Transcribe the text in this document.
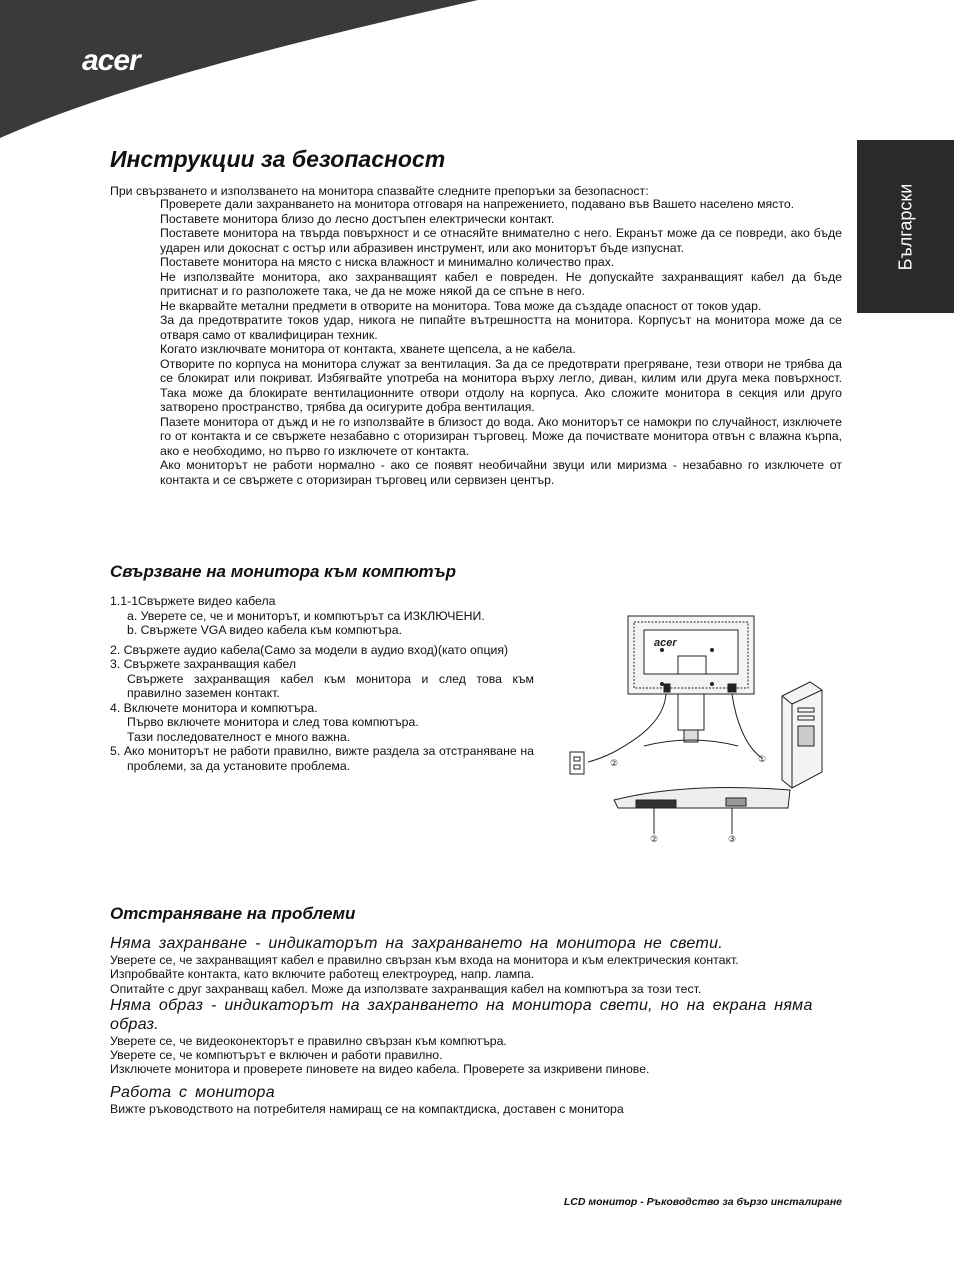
acer
Български
Инструкции за безопасност

При свързването и използването на монитора спазвайте следните препоръки за безопасност:

Проверете дали захранването на монитора отговаря на напрежението, подавано във Вашето населено място.
Поставете монитора близо до лесно достъпен електрически контакт.
Поставете монитора на твърда повърхност и се отнасяйте внимателно с него. Екранът може да се повреди, ако бъде ударен или докоснат с остър или абразивен инструмент, или ако мониторът бъде изпуснат.
Поставете монитора на място с ниска влажност и минимално количество прах.
Не използвайте монитора, ако захранващият кабел е повреден. Не допускайте захранващият кабел да бъде притиснат и го разположете така, че да не може някой да се спъне в него.
Не вкарвайте метални предмети в отворите на монитора. Това може да създаде опасност от токов удар.
За да предотвратите токов удар, никога не пипайте вътрешността на монитора. Корпусът на монитора може да се отваря само от квалифициран техник.
Когато изключвате монитора от контакта, хванете щепсела, а не кабела.
Отворите по корпуса на монитора служат за вентилация. За да се предотврати прегряване, тези отвори не трябва да се блокират или покриват. Избягвайте употреба на монитора върху легло, диван, килим или друга мека повърхност. Така може да блокирате вентилационните отвори отдолу на корпуса. Ако сложите монитора в секция или друго затворено пространство, трябва да осигурите добра вентилация.
Пазете монитора от дъжд и не го използвайте в близост до вода. Ако мониторът се намокри по случайност, изключете го от контакта и се свържете незабавно с оторизиран търговец. Може да почиствате монитора отвън с влажна кърпа, ако е необходимо, но първо го изключете от контакта.
Ако мониторът не работи нормално - ако се появят необичайни звуци или миризма - незабавно го изключете от контакта и се свържете с оторизиран търговец или сервизен център.
Свързване на монитора към компютър

1.1-1Свържете видео кабела

a. Уверете се, че и мониторът, и компютърът са ИЗКЛЮЧЕНИ.

b. Свържете VGA видео кабела към компютъра.

2. Свържете аудио кабела(Само за модели в аудио вход)(като опция)

3. Свържете захранващия кабел

Свържете захранващия кабел към монитора и след това към правилно заземен контакт.

4. Включете монитора и компютъра.

Първо включете монитора и след това компютъра.

Тази последователност е много важна.

5. Ако мониторът не работи правилно, вижте раздела за отстраняване на проблеми, за да установите проблема.

acer
①
②
②	③
Отстраняване на проблеми

Няма захранване - индикаторът на захранването на монитора не свети.

Уверете се, че захранващият кабел е правилно свързан към входа на монитора и към електрическия контакт.

Изпробвайте контакта, като включите работещ електроуред, напр. лампа.

Опитайте с друг захранващ кабел. Може да използвате захранващия кабел на компютъра за този тест.

Няма образ - индикаторът на захранването на монитора свети, но на екрана няма образ.

Уверете се, че видеоконекторът е правилно свързан към компютъра.

Уверете се, че компютърът е включен и работи правилно.

Изключете монитора и проверете пиновете на видео кабела. Проверете за изкривени пинове.

Работа с монитора

Вижте ръководството на потребителя намиращ се на компактдиска, доставен с монитора

LCD монитор - Ръководство за бързо инсталиране
